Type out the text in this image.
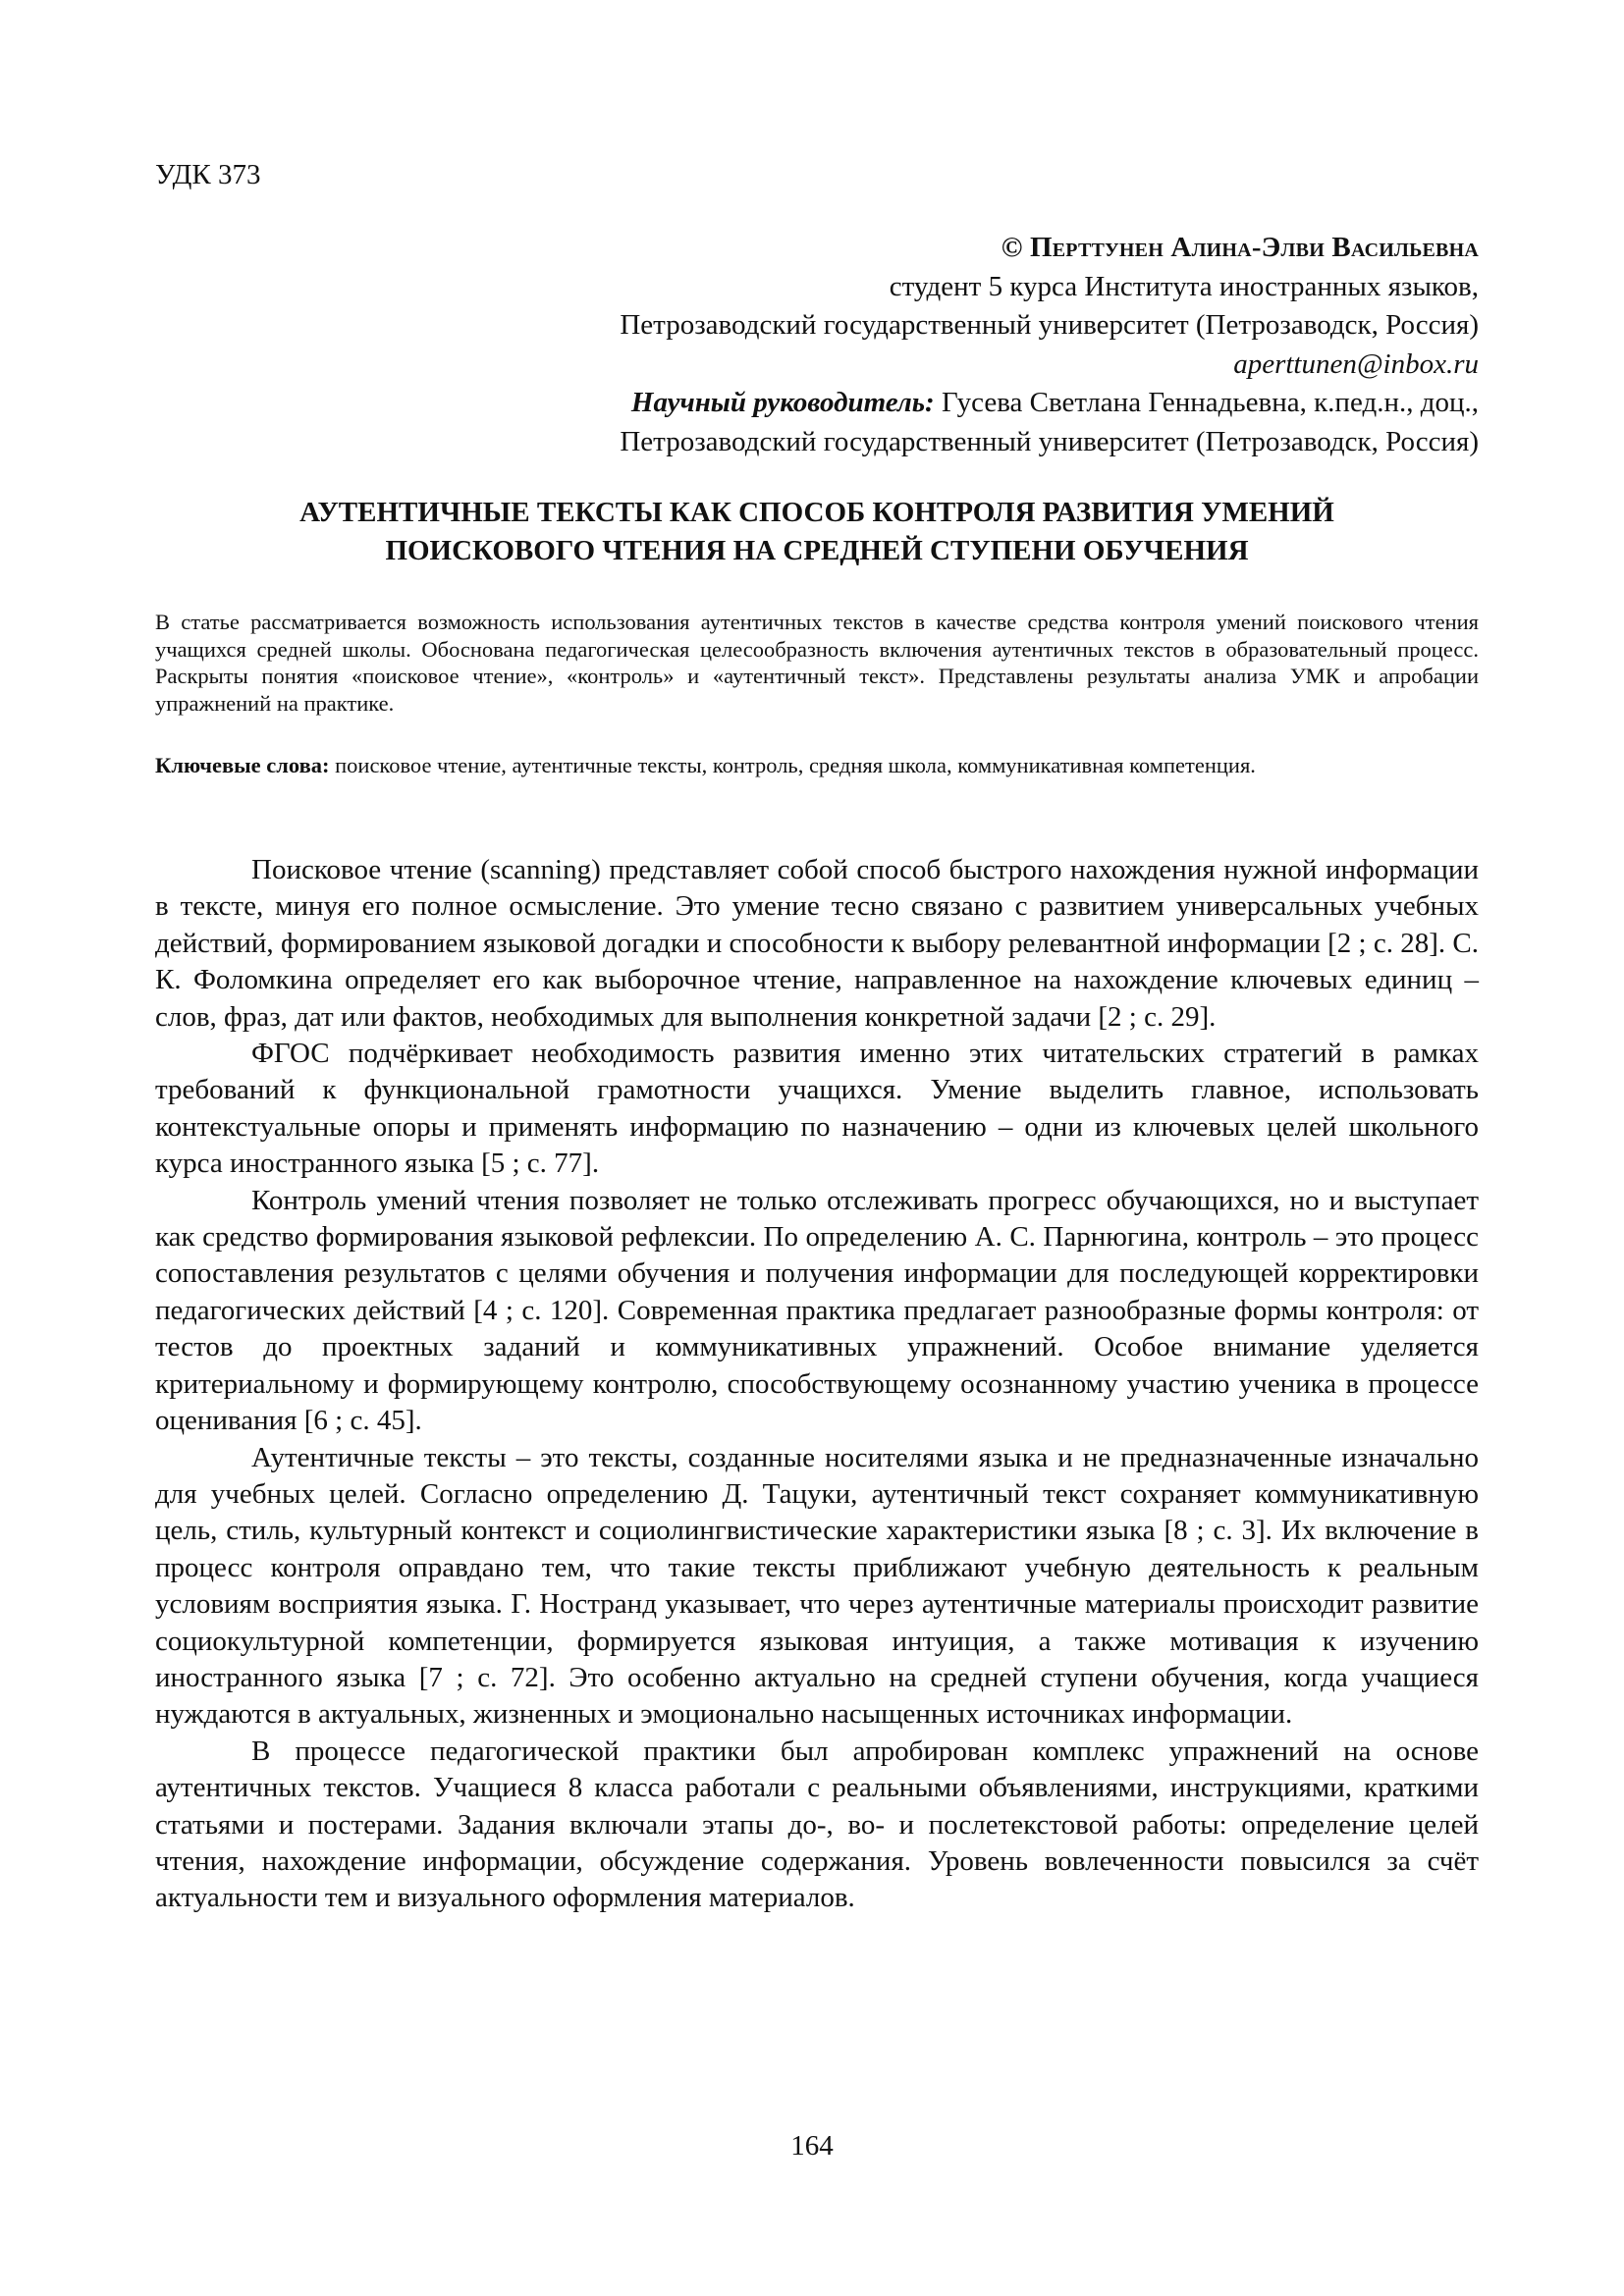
УДК 373
© Перттунен Алина-Элви Васильевна
студент 5 курса Института иностранных языков,
Петрозаводский государственный университет (Петрозаводск, Россия)
aperttunen@inbox.ru
Научный руководитель: Гусева Светлана Геннадьевна, к.пед.н., доц.,
Петрозаводский государственный университет (Петрозаводск, Россия)
АУТЕНТИЧНЫЕ ТЕКСТЫ КАК СПОСОБ КОНТРОЛЯ РАЗВИТИЯ УМЕНИЙ
ПОИСКОВОГО ЧТЕНИЯ НА СРЕДНЕЙ СТУПЕНИ ОБУЧЕНИЯ

В статье рассматривается возможность использования аутентичных текстов в качестве средства контроля умений поискового чтения учащихся средней школы. Обоснована педагогическая целесообразность включения аутентичных текстов в образовательный процесс. Раскрыты понятия «поисковое чтение», «контроль» и «аутентичный текст». Представлены результаты анализа УМК и апробации упражнений на практике.

Ключевые слова: поисковое чтение, аутентичные тексты, контроль, средняя школа, коммуникативная компетенция.

Поисковое чтение (scanning) представляет собой способ быстрого нахождения нужной информации в тексте, минуя его полное осмысление. Это умение тесно связано с развитием универсальных учебных действий, формированием языковой догадки и способности к выбору релевантной информации [2 ; с. 28]. С. К. Фоломкина определяет его как выборочное чтение, направленное на нахождение ключевых единиц – слов, фраз, дат или фактов, необходимых для выполнения конкретной задачи [2 ; с. 29].

ФГОС подчёркивает необходимость развития именно этих читательских стратегий в рамках требований к функциональной грамотности учащихся. Умение выделить главное, использовать контекстуальные опоры и применять информацию по назначению – одни из ключевых целей школьного курса иностранного языка [5 ; с. 77].

Контроль умений чтения позволяет не только отслеживать прогресс обучающихся, но и выступает как средство формирования языковой рефлексии. По определению А. С. Парнюгина, контроль – это процесс сопоставления результатов с целями обучения и получения информации для последующей корректировки педагогических действий [4 ; с. 120]. Современная практика предлагает разнообразные формы контроля: от тестов до проектных заданий и коммуникативных упражнений. Особое внимание уделяется критериальному и формирующему контролю, способствующему осознанному участию ученика в процессе оценивания [6 ; с. 45].

Аутентичные тексты – это тексты, созданные носителями языка и не предназначенные изначально для учебных целей. Согласно определению Д. Тацуки, аутентичный текст сохраняет коммуникативную цель, стиль, культурный контекст и социолингвистические характеристики языка [8 ; с. 3]. Их включение в процесс контроля оправдано тем, что такие тексты приближают учебную деятельность к реальным условиям восприятия языка. Г. Ностранд указывает, что через аутентичные материалы происходит развитие социокультурной компетенции, формируется языковая интуиция, а также мотивация к изучению иностранного языка [7 ; с. 72]. Это особенно актуально на средней ступени обучения, когда учащиеся нуждаются в актуальных, жизненных и эмоционально насыщенных источниках информации.

В процессе педагогической практики был апробирован комплекс упражнений на основе аутентичных текстов. Учащиеся 8 класса работали с реальными объявлениями, инструкциями, краткими статьями и постерами. Задания включали этапы до-, во- и послетекстовой работы: определение целей чтения, нахождение информации, обсуждение содержания. Уровень вовлеченности повысился за счёт актуальности тем и визуального оформления материалов.

164
